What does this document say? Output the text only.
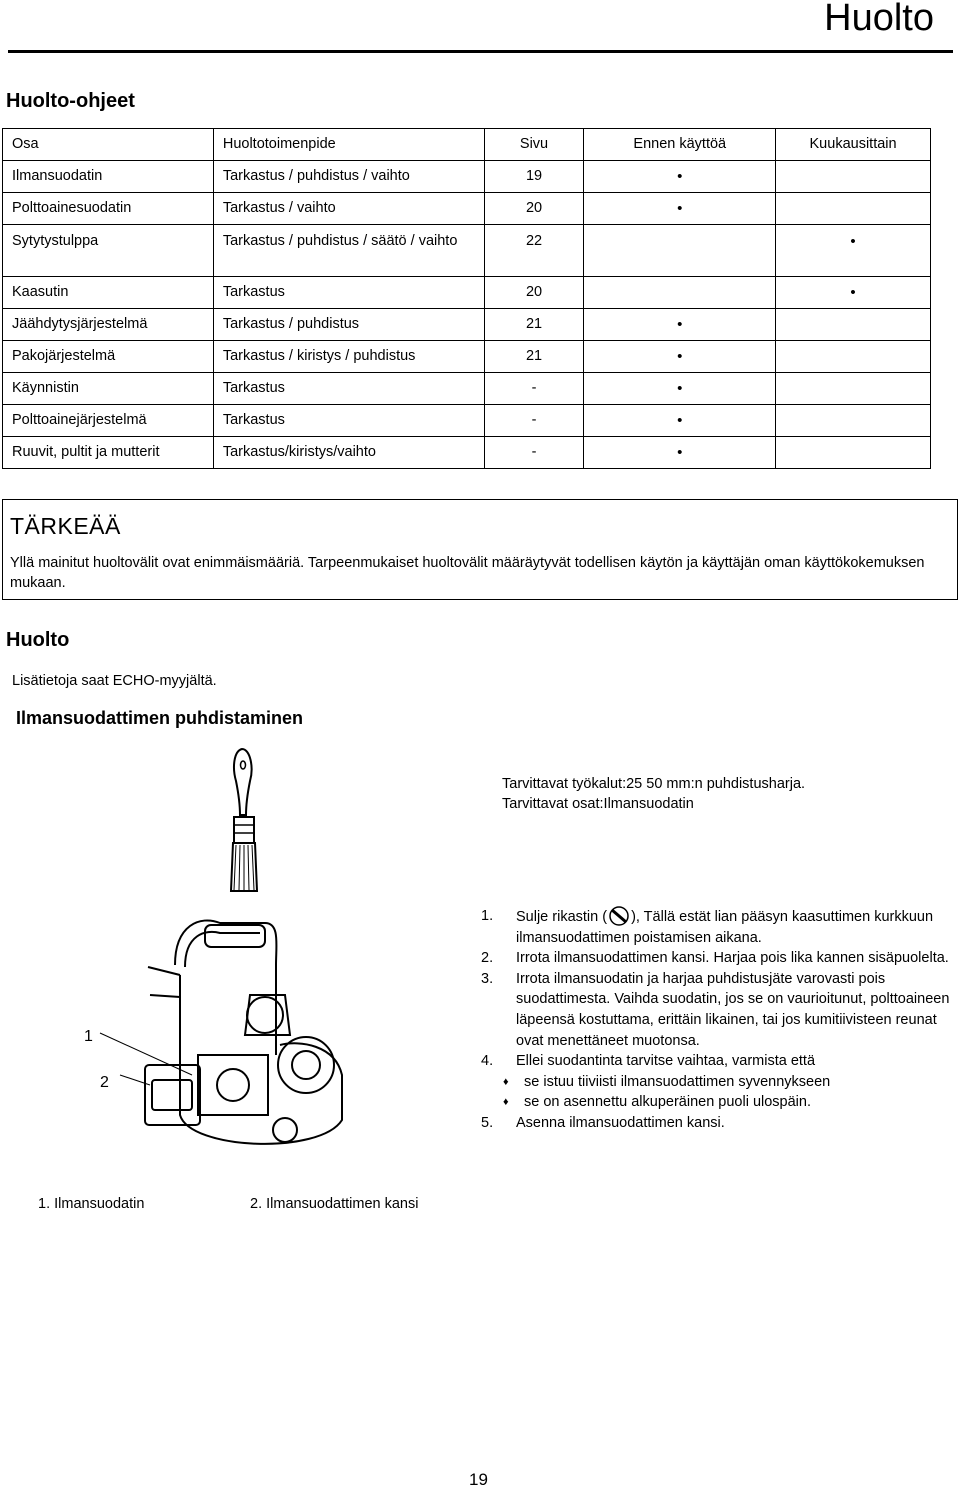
Huolto
Huolto-ohjeet
Osa	Huoltotoimenpide	Sivu	Ennen käyttöä	Kuukausittain
Ilmansuodatin	Tarkastus / puhdistus / vaihto	19	•	
Polttoainesuodatin	Tarkastus / vaihto	20	•	
Sytytystulppa	Tarkastus / puhdistus / säätö / vaihto	22		•
Kaasutin	Tarkastus	20		•
Jäähdytysjärjestelmä	Tarkastus / puhdistus	21	•	
Pakojärjestelmä	Tarkastus / kiristys / puhdistus	21	•	
Käynnistin	Tarkastus	-	•	
Polttoainejärjestelmä	Tarkastus	-	•	
Ruuvit, pultit ja mutterit	Tarkastus/kiristys/vaihto	-	•	
TÄRKEÄÄ
Yllä mainitut huoltovälit ovat enimmäismääriä. Tarpeenmukaiset huoltovälit määräytyvät todellisen käytön ja käyttäjän oman käyttökokemuksen mukaan.
Huolto
Lisätietoja saat ECHO-myyjältä.
Ilmansuodattimen puhdistaminen
Tarvittavat työkalut:25 50 mm:n puhdistusharja.
Tarvittavat osat:Ilmansuodatin
1
2
1.	Sulje rikastin ( ), Tällä estät lian pääsyn kaasuttimen kurkkuun ilmansuodattimen poistamisen aikana.
2.	Irrota ilmansuodattimen kansi. Harjaa pois lika kannen sisäpuolelta.
3.	Irrota ilmansuodatin ja harjaa puhdistusjäte varovasti pois suodattimesta. Vaihda suodatin, jos se on vaurioitunut, polttoaineen läpeensä kostuttama, erittäin likainen, tai jos kumitiivisteen reunat ovat menettäneet muotonsa.
4.	Ellei suodantinta tarvitse vaihtaa, varmista että
♦	se istuu tiiviisti ilmansuodattimen syvennykseen
♦	se on asennettu alkuperäinen puoli ulospäin.
5.	Asenna ilmansuodattimen kansi.
1. Ilmansuodatin	2. Ilmansuodattimen kansi
19
